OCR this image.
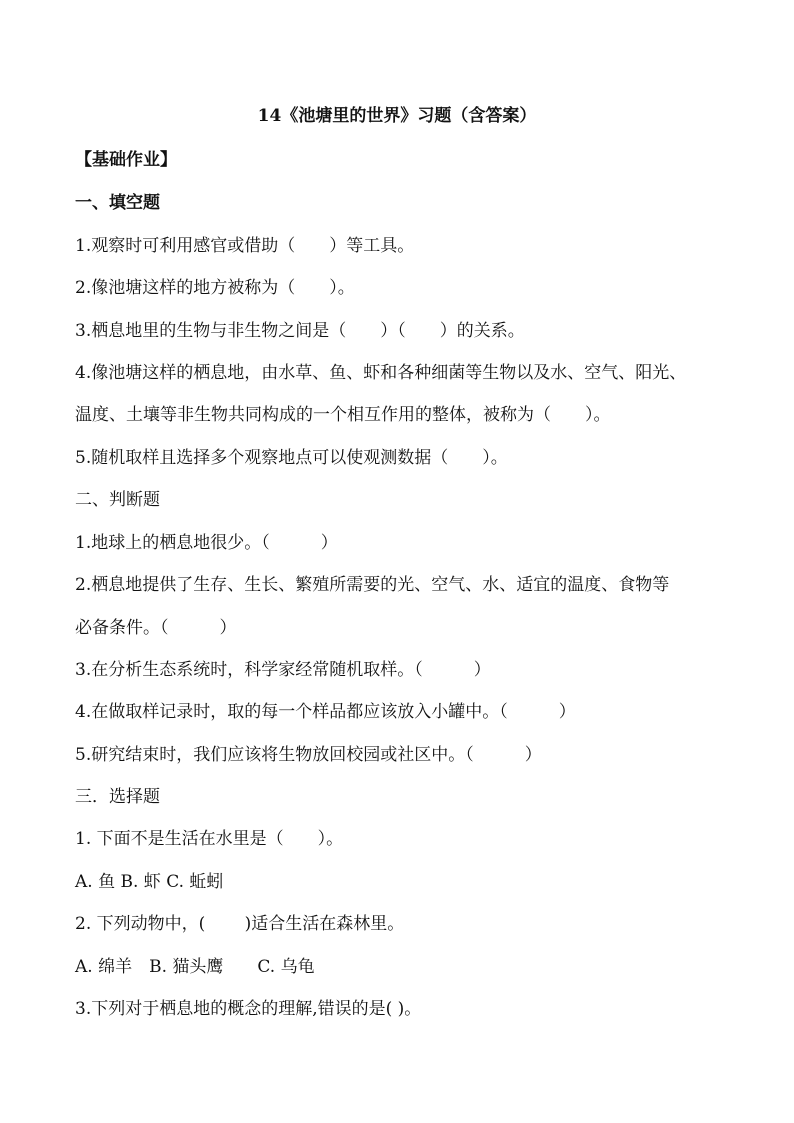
14《池塘里的世界》习题（含答案）
【基础作业】
一、填空题
1.观察时可利用感官或借助（　　）等工具。
2.像池塘这样的地方被称为（　　）。
3.栖息地里的生物与非生物之间是（　　）（　　）的关系。
4.像池塘这样的栖息地，由水草、鱼、虾和各种细菌等生物以及水、空气、阳光、
温度、土壤等非生物共同构成的一个相互作用的整体，被称为（　　）。
5.随机取样且选择多个观察地点可以使观测数据（　　）。
二、判断题
1.地球上的栖息地很少。（　　　）
2.栖息地提供了生存、生长、繁殖所需要的光、空气、水、适宜的温度、食物等
必备条件。（　　　）
3.在分析生态系统时，科学家经常随机取样。（　　　）
4.在做取样记录时，取的每一个样品都应该放入小罐中。（　　　）
5.研究结束时，我们应该将生物放回校园或社区中。（　　　）
三．选择题
1. 下面不是生活在水里是（　　）。
A. 鱼 B. 虾 C. 蚯蚓
2. 下列动物中，(　　 )适合生活在森林里。
A. 绵羊　B. 猫头鹰　　C. 乌龟
3.下列对于栖息地的概念的理解,错误的是( )。
